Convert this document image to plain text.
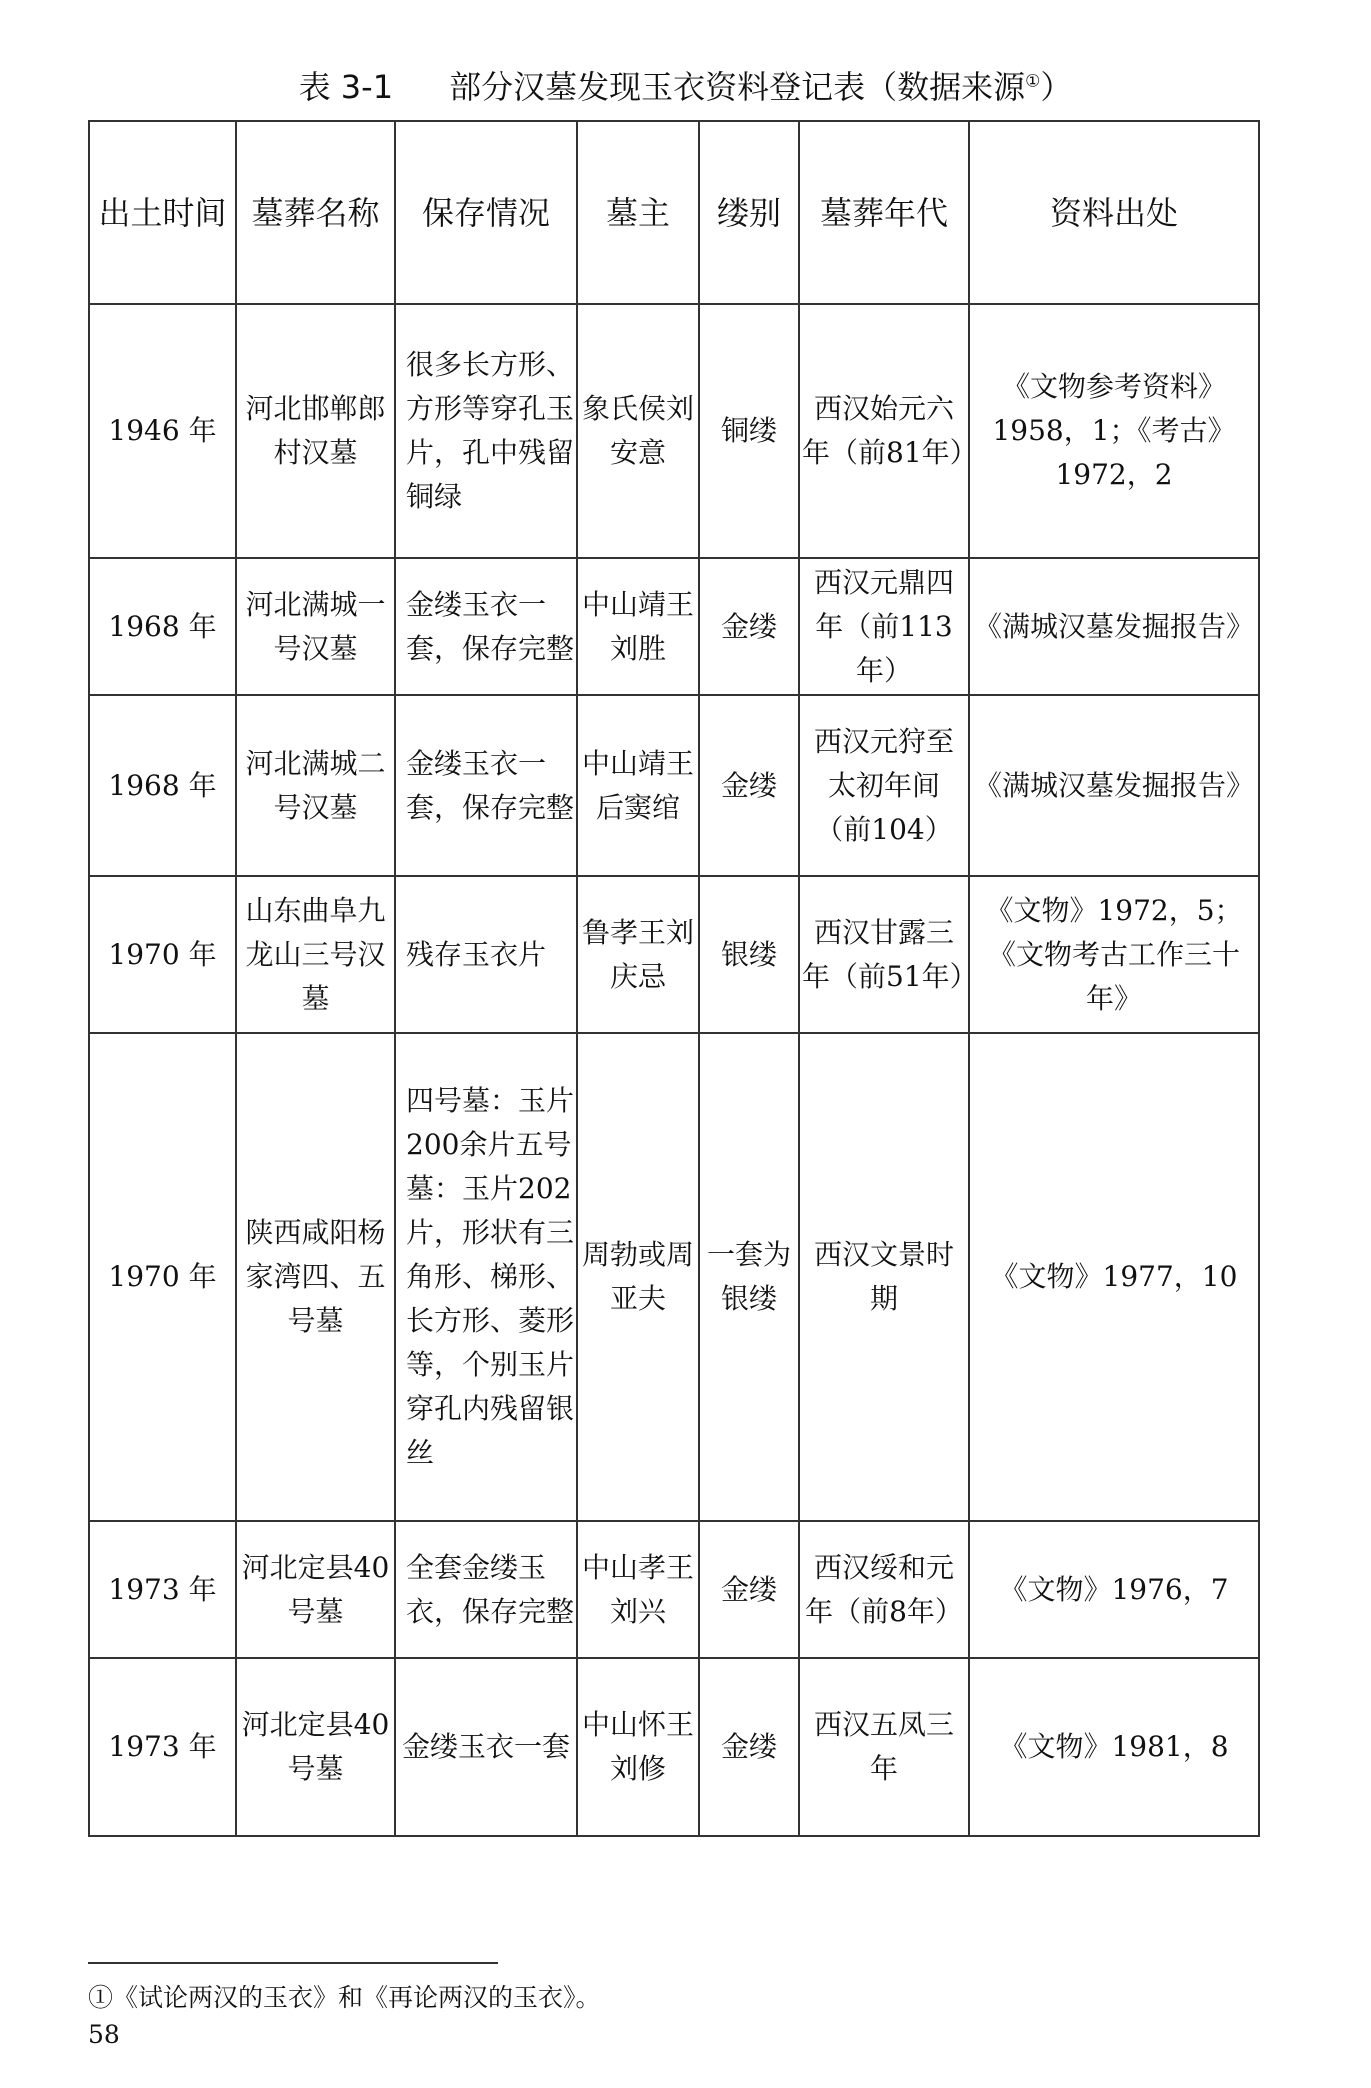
表 3-1 部分汉墓发现玉衣资料登记表（数据来源①）
出土时间	墓葬名称	保存情况	墓主	缕别	墓葬年代	资料出处
1946 年	河北邯郸郎村汉墓	很多长方形、方形等穿孔玉片，孔中残留铜绿	象氏侯刘安意	铜缕	西汉始元六年（前81年）	《文物参考资料》1958，1；《考古》1972，2
1968 年	河北满城一号汉墓	金缕玉衣一套，保存完整	中山靖王刘胜	金缕	西汉元鼎四年（前113年）	《满城汉墓发掘报告》
1968 年	河北满城二号汉墓	金缕玉衣一套，保存完整	中山靖王后窦绾	金缕	西汉元狩至太初年间（前104）	《满城汉墓发掘报告》
1970 年	山东曲阜九龙山三号汉墓	残存玉衣片	鲁孝王刘庆忌	银缕	西汉甘露三年（前51年）	《文物》1972，5；《文物考古工作三十年》
1970 年	陕西咸阳杨家湾四、五号墓	四号墓：玉片200余片五号墓：玉片202片，形状有三角形、梯形、长方形、菱形等，个别玉片穿孔内残留银丝	周勃或周亚夫	一套为银缕	西汉文景时期	《文物》1977，10
1973 年	河北定县40号墓	全套金缕玉衣，保存完整	中山孝王刘兴	金缕	西汉绥和元年（前8年）	《文物》1976，7
1973 年	河北定县40号墓	金缕玉衣一套	中山怀王刘修	金缕	西汉五凤三年	《文物》1981，8
①《试论两汉的玉衣》和《再论两汉的玉衣》。
58
